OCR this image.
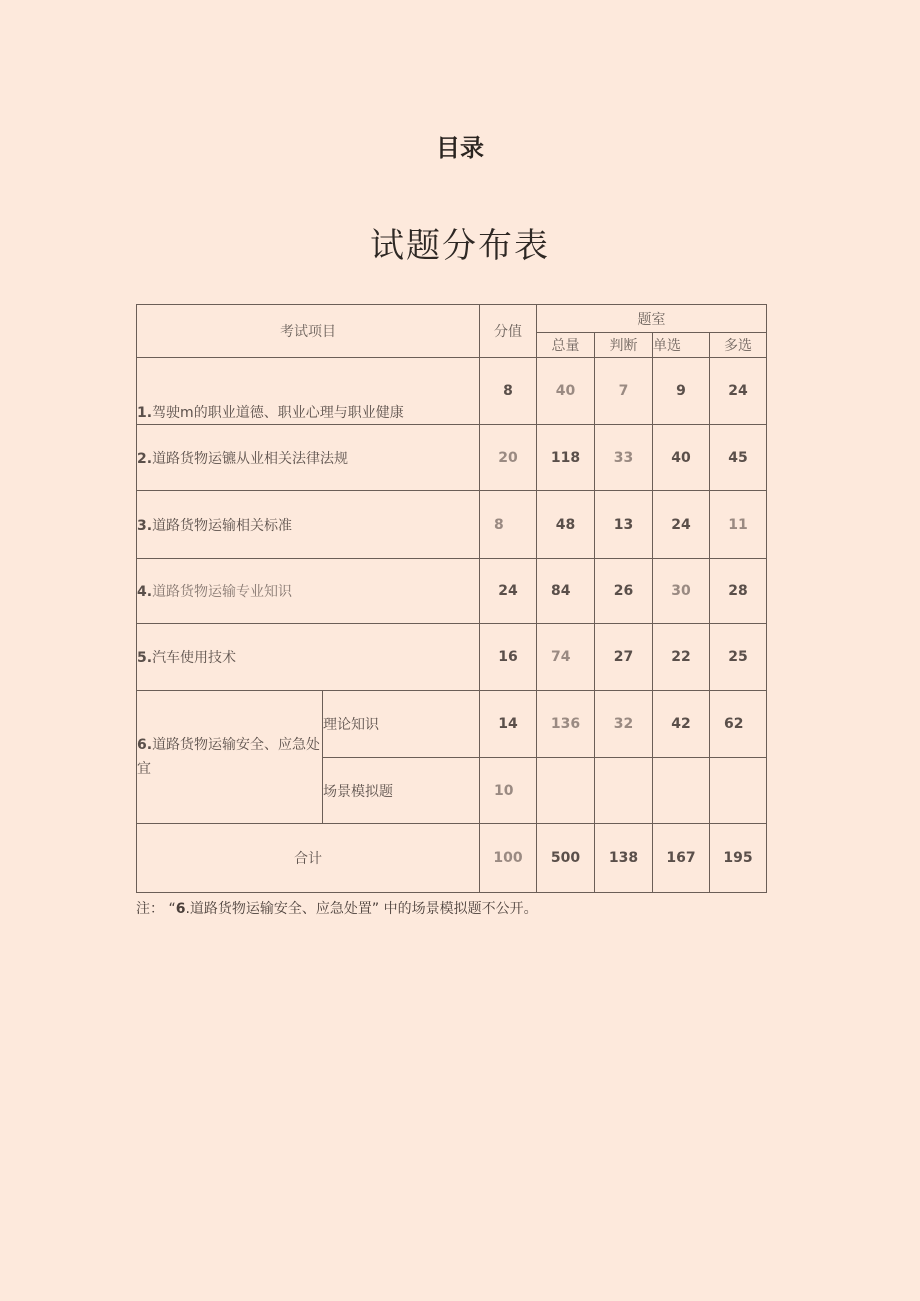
目录
试题分布表
考试项目		分值	题室			
			总量	判断	单选	多选
1.驾驶m的职业道德、职业心理与职业健康		8	40	7	9	24
2.道路货物运镳从业相关法律法规		20	118	33	40	45
3.道路货物运输相关标准		8	48	13	24	11
4.道路货物运输专业知识		24	84	26	30	28
5.汽车使用技术		16	74	27	22	25
6.道路货物运输安全、应急处宜	理论知识	14	136	32	42	62
	场景模拟题	10				
合计		100	500	138	167	195
注： “6.道路货物运输安全、应急处置” 中的场景模拟题不公开。
